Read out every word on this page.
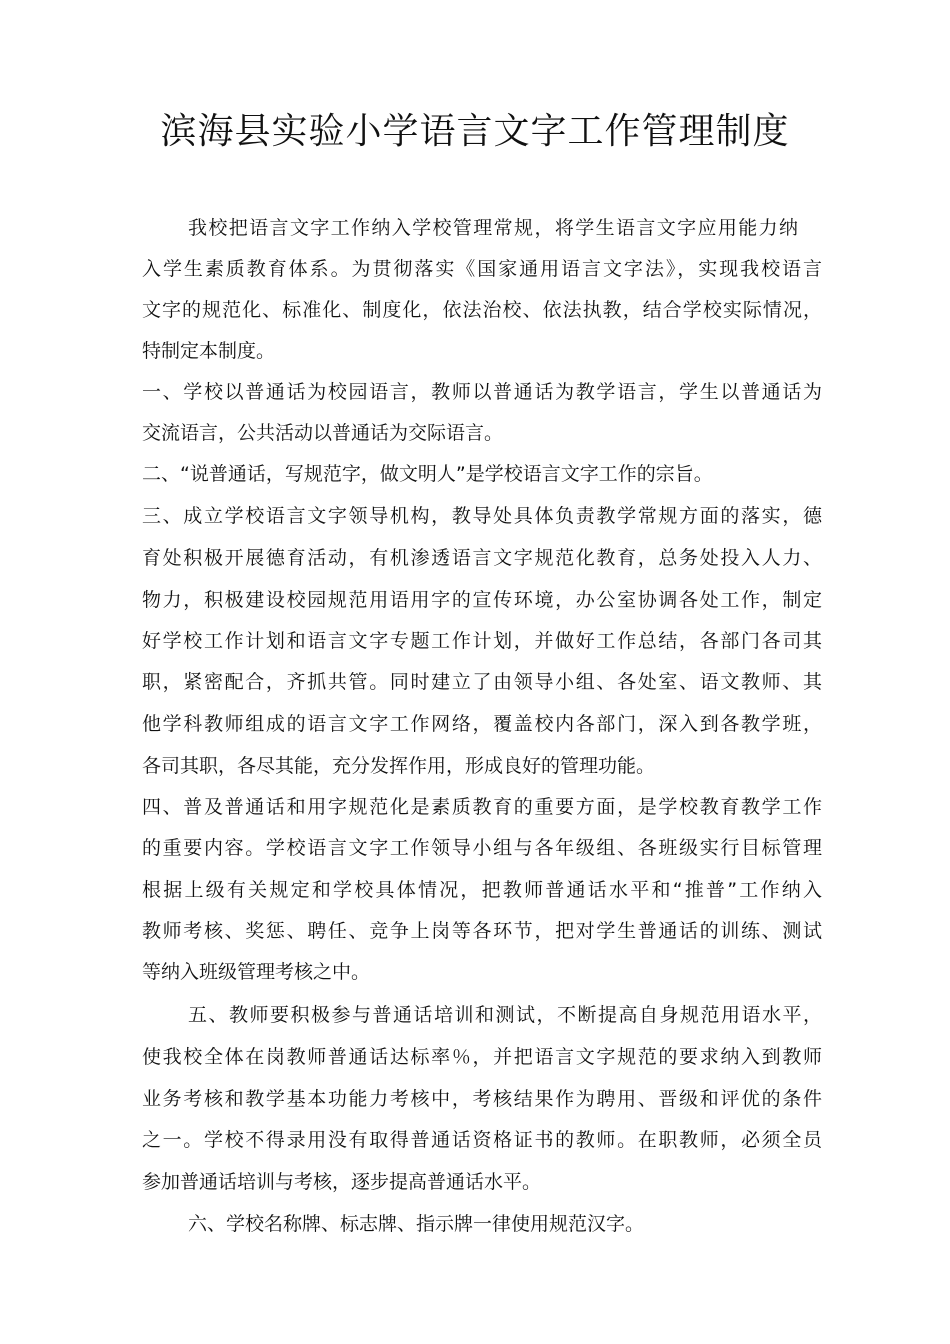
滨海县实验小学语言文字工作管理制度
我校把语言文字工作纳入学校管理常规，将学生语言文字应用能力纳
入学生素质教育体系。为贯彻落实《国家通用语言文字法》，实现我校语言
文字的规范化、标准化、制度化，依法治校、依法执教，结合学校实际情况，
特制定本制度。
一、学校以普通话为校园语言，教师以普通话为教学语言，学生以普通话为
交流语言，公共活动以普通话为交际语言。
二、“说普通话，写规范字，做文明人”是学校语言文字工作的宗旨。
三、成立学校语言文字领导机构，教导处具体负责教学常规方面的落实，德
育处积极开展德育活动，有机渗透语言文字规范化教育，总务处投入人力、
物力，积极建设校园规范用语用字的宣传环境，办公室协调各处工作，制定
好学校工作计划和语言文字专题工作计划，并做好工作总结，各部门各司其
职，紧密配合，齐抓共管。同时建立了由领导小组、各处室、语文教师、其
他学科教师组成的语言文字工作网络，覆盖校内各部门，深入到各教学班，
各司其职，各尽其能，充分发挥作用，形成良好的管理功能。
四、普及普通话和用字规范化是素质教育的重要方面，是学校教育教学工作
的重要内容。学校语言文字工作领导小组与各年级组、各班级实行目标管理
根据上级有关规定和学校具体情况，把教师普通话水平和“推普”工作纳入
教师考核、奖惩、聘任、竞争上岗等各环节，把对学生普通话的训练、测试
等纳入班级管理考核之中。
五、教师要积极参与普通话培训和测试，不断提高自身规范用语水平，
使我校全体在岗教师普通话达标率％，并把语言文字规范的要求纳入到教师
业务考核和教学基本功能力考核中，考核结果作为聘用、晋级和评优的条件
之一。学校不得录用没有取得普通话资格证书的教师。在职教师，必须全员
参加普通话培训与考核，逐步提高普通话水平。
六、学校名称牌、标志牌、指示牌一律使用规范汉字。
